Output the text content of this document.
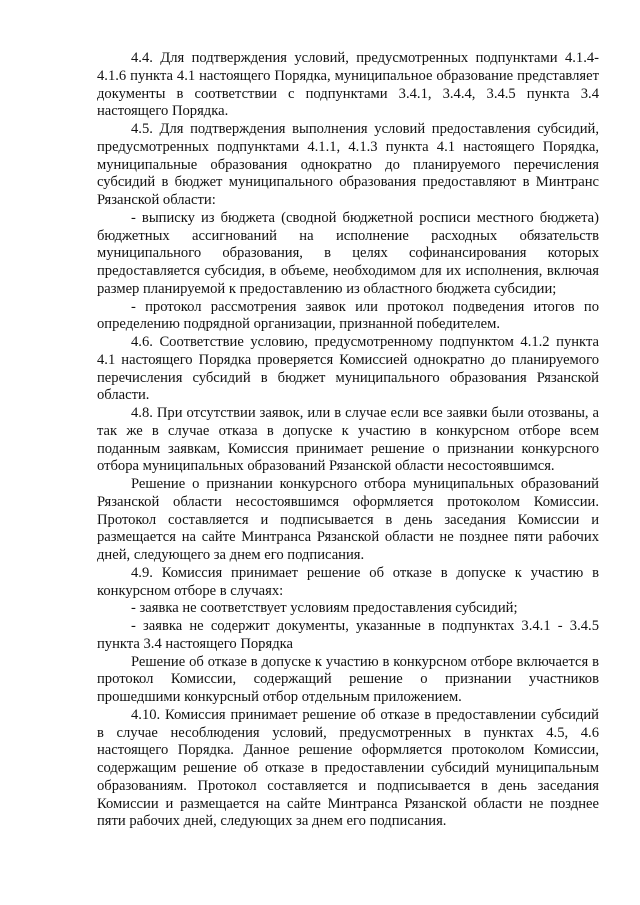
4.4. Для подтверждения условий, предусмотренных подпунктами 4.1.4-4.1.6 пункта 4.1 настоящего Порядка, муниципальное образование представляет документы в соответствии с подпунктами 3.4.1, 3.4.4, 3.4.5 пункта 3.4 настоящего Порядка.

4.5. Для подтверждения выполнения условий предоставления субсидий, предусмотренных подпунктами 4.1.1, 4.1.3 пункта 4.1 настоящего Порядка, муниципальные образования однократно до планируемого перечисления субсидий в бюджет муниципального образования предоставляют в Минтранс Рязанской области:

- выписку из бюджета (сводной бюджетной росписи местного бюджета) бюджетных ассигнований на исполнение расходных обязательств муниципального образования, в целях софинансирования которых предоставляется субсидия, в объеме, необходимом для их исполнения, включая размер планируемой к предоставлению из областного бюджета субсидии;

- протокол рассмотрения заявок или протокол подведения итогов по определению подрядной организации, признанной победителем.

4.6. Соответствие условию, предусмотренному подпунктом 4.1.2 пункта 4.1 настоящего Порядка проверяется Комиссией однократно до планируемого перечисления субсидий в бюджет муниципального образования Рязанской области.

4.8. При отсутствии заявок, или в случае если все заявки были отозваны, а так же в случае отказа в допуске к участию в конкурсном отборе всем поданным заявкам, Комиссия принимает решение о признании конкурсного отбора муниципальных образований Рязанской области несостоявшимся.

Решение о признании конкурсного отбора муниципальных образований Рязанской области несостоявшимся оформляется протоколом Комиссии. Протокол составляется и подписывается в день заседания Комиссии и размещается на сайте Минтранса Рязанской области не позднее пяти рабочих дней, следующего за днем его подписания.

4.9. Комиссия принимает решение об отказе в допуске к участию в конкурсном отборе в случаях:

- заявка не соответствует условиям предоставления субсидий;

- заявка не содержит документы, указанные в подпунктах 3.4.1 - 3.4.5 пункта 3.4 настоящего Порядка

Решение об отказе в допуске к участию в конкурсном отборе включается в протокол Комиссии, содержащий решение о признании участников прошедшими конкурсный отбор отдельным приложением.

4.10. Комиссия принимает решение об отказе в предоставлении субсидий в случае несоблюдения условий, предусмотренных в пунктах 4.5, 4.6 настоящего Порядка. Данное решение оформляется протоколом Комиссии, содержащим решение об отказе в предоставлении субсидий муниципальным образованиям. Протокол составляется и подписывается в день заседания Комиссии и размещается на сайте Минтранса Рязанской области не позднее пяти рабочих дней, следующих за днем его подписания.
